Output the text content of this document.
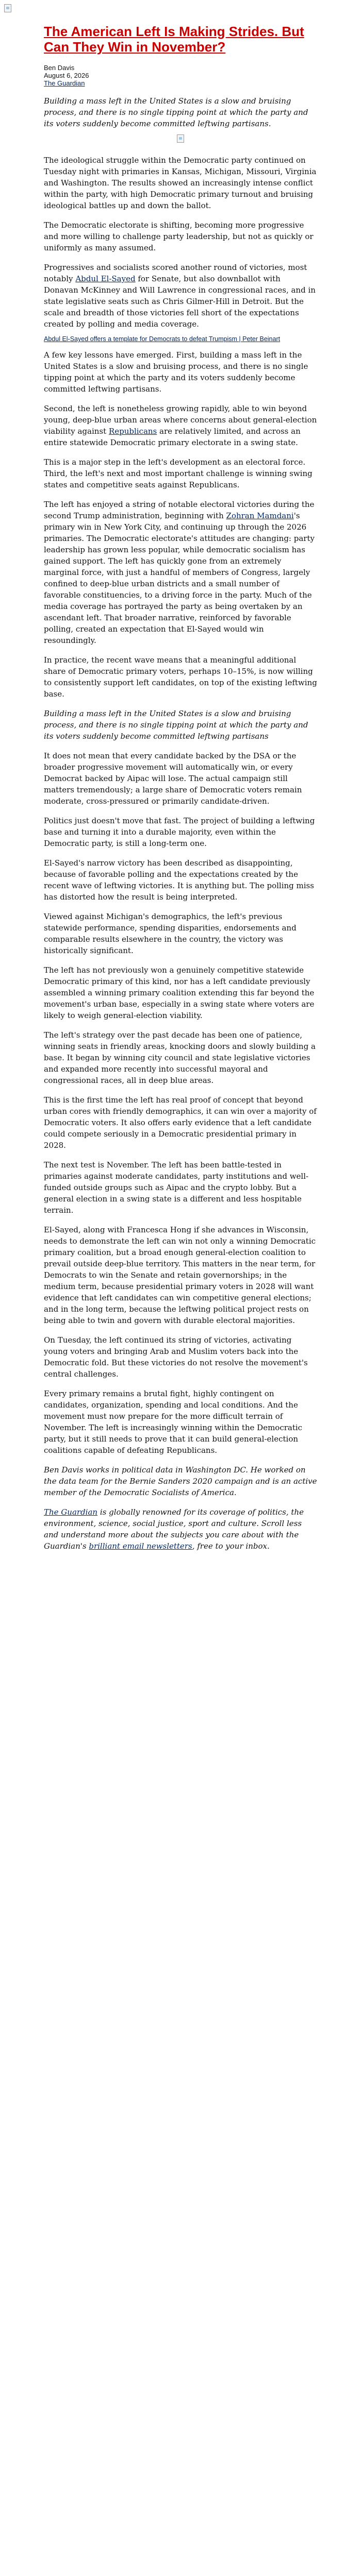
The American Left Is Making Strides. But Can They Win in November?
Ben Davis
August 6, 2026
The Guardian
Building a mass left in the United States is a slow and bruising process, and there is no single tipping point at which the party and its voters suddenly become committed leftwing partisans.

The ideological struggle within the Democratic party continued on Tuesday night with primaries in Kansas, Michigan, Missouri, Virginia and Washington. The results showed an increasingly intense conflict within the party, with high Democratic primary turnout and bruising ideological battles up and down the ballot.

The Democratic electorate is shifting, becoming more progressive and more willing to challenge party leadership, but not as quickly or uniformly as many assumed.

Progressives and socialists scored another round of victories, most notably Abdul El-Sayed for Senate, but also downballot with Donavan McKinney and Will Lawrence in congressional races, and in state legislative seats such as Chris Gilmer-Hill in Detroit. But the scale and breadth of those victories fell short of the expectations created by polling and media coverage.

Abdul El-Sayed offers a template for Democrats to defeat Trumpism | Peter Beinart

A few key lessons have emerged. First, building a mass left in the United States is a slow and bruising process, and there is no single tipping point at which the party and its voters suddenly become committed leftwing partisans.

Second, the left is nonetheless growing rapidly, able to win beyond young, deep-blue urban areas where concerns about general-election viability against Republicans are relatively limited, and across an entire statewide Democratic primary electorate in a swing state.

This is a major step in the left's development as an electoral force. Third, the left's next and most important challenge is winning swing states and competitive seats against Republicans.

The left has enjoyed a string of notable electoral victories during the second Trump administration, beginning with Zohran Mamdani's primary win in New York City, and continuing up through the 2026 primaries. The Democratic electorate's attitudes are changing: party leadership has grown less popular, while democratic socialism has gained support. The left has quickly gone from an extremely marginal force, with just a handful of members of Congress, largely confined to deep-blue urban districts and a small number of favorable constituencies, to a driving force in the party. Much of the media coverage has portrayed the party as being overtaken by an ascendant left. That broader narrative, reinforced by favorable polling, created an expectation that El-Sayed would win resoundingly.

In practice, the recent wave means that a meaningful additional share of Democratic primary voters, perhaps 10–15%, is now willing to consistently support left candidates, on top of the existing leftwing base.

Building a mass left in the United States is a slow and bruising process, and there is no single tipping point at which the party and its voters suddenly become committed leftwing partisans

It does not mean that every candidate backed by the DSA or the broader progressive movement will automatically win, or every Democrat backed by Aipac will lose. The actual campaign still matters tremendously; a large share of Democratic voters remain moderate, cross-pressured or primarily candidate-driven.

Politics just doesn't move that fast. The project of building a leftwing base and turning it into a durable majority, even within the Democratic party, is still a long-term one.

El-Sayed's narrow victory has been described as disappointing, because of favorable polling and the expectations created by the recent wave of leftwing victories. It is anything but. The polling miss has distorted how the result is being interpreted.

Viewed against Michigan's demographics, the left's previous statewide performance, spending disparities, endorsements and comparable results elsewhere in the country, the victory was historically significant.

The left has not previously won a genuinely competitive statewide Democratic primary of this kind, nor has a left candidate previously assembled a winning primary coalition extending this far beyond the movement's urban base, especially in a swing state where voters are likely to weigh general-election viability.

The left's strategy over the past decade has been one of patience, winning seats in friendly areas, knocking doors and slowly building a base. It began by winning city council and state legislative victories and expanded more recently into successful mayoral and congressional races, all in deep blue areas.

This is the first time the left has real proof of concept that beyond urban cores with friendly demographics, it can win over a majority of Democratic voters. It also offers early evidence that a left candidate could compete seriously in a Democratic presidential primary in 2028.

The next test is November. The left has been battle-tested in primaries against moderate candidates, party institutions and well-funded outside groups such as Aipac and the crypto lobby. But a general election in a swing state is a different and less hospitable terrain.

El-Sayed, along with Francesca Hong if she advances in Wisconsin, needs to demonstrate the left can win not only a winning Democratic primary coalition, but a broad enough general-election coalition to prevail outside deep-blue territory. This matters in the near term, for Democrats to win the Senate and retain governorships; in the medium term, because presidential primary voters in 2028 will want evidence that left candidates can win competitive general elections; and in the long term, because the leftwing political project rests on being able to twin and govern with durable electoral majorities.

On Tuesday, the left continued its string of victories, activating young voters and bringing Arab and Muslim voters back into the Democratic fold. But these victories do not resolve the movement's central challenges.

Every primary remains a brutal fight, highly contingent on candidates, organization, spending and local conditions. And the movement must now prepare for the more difficult terrain of November. The left is increasingly winning within the Democratic party, but it still needs to prove that it can build general-election coalitions capable of defeating Republicans.

Ben Davis works in political data in Washington DC. He worked on the data team for the Bernie Sanders 2020 campaign and is an active member of the Democratic Socialists of America.

The Guardian is globally renowned for its coverage of politics, the environment, science, social justice, sport and culture. Scroll less and understand more about the subjects you care about with the Guardian's brilliant email newsletters, free to your inbox.
